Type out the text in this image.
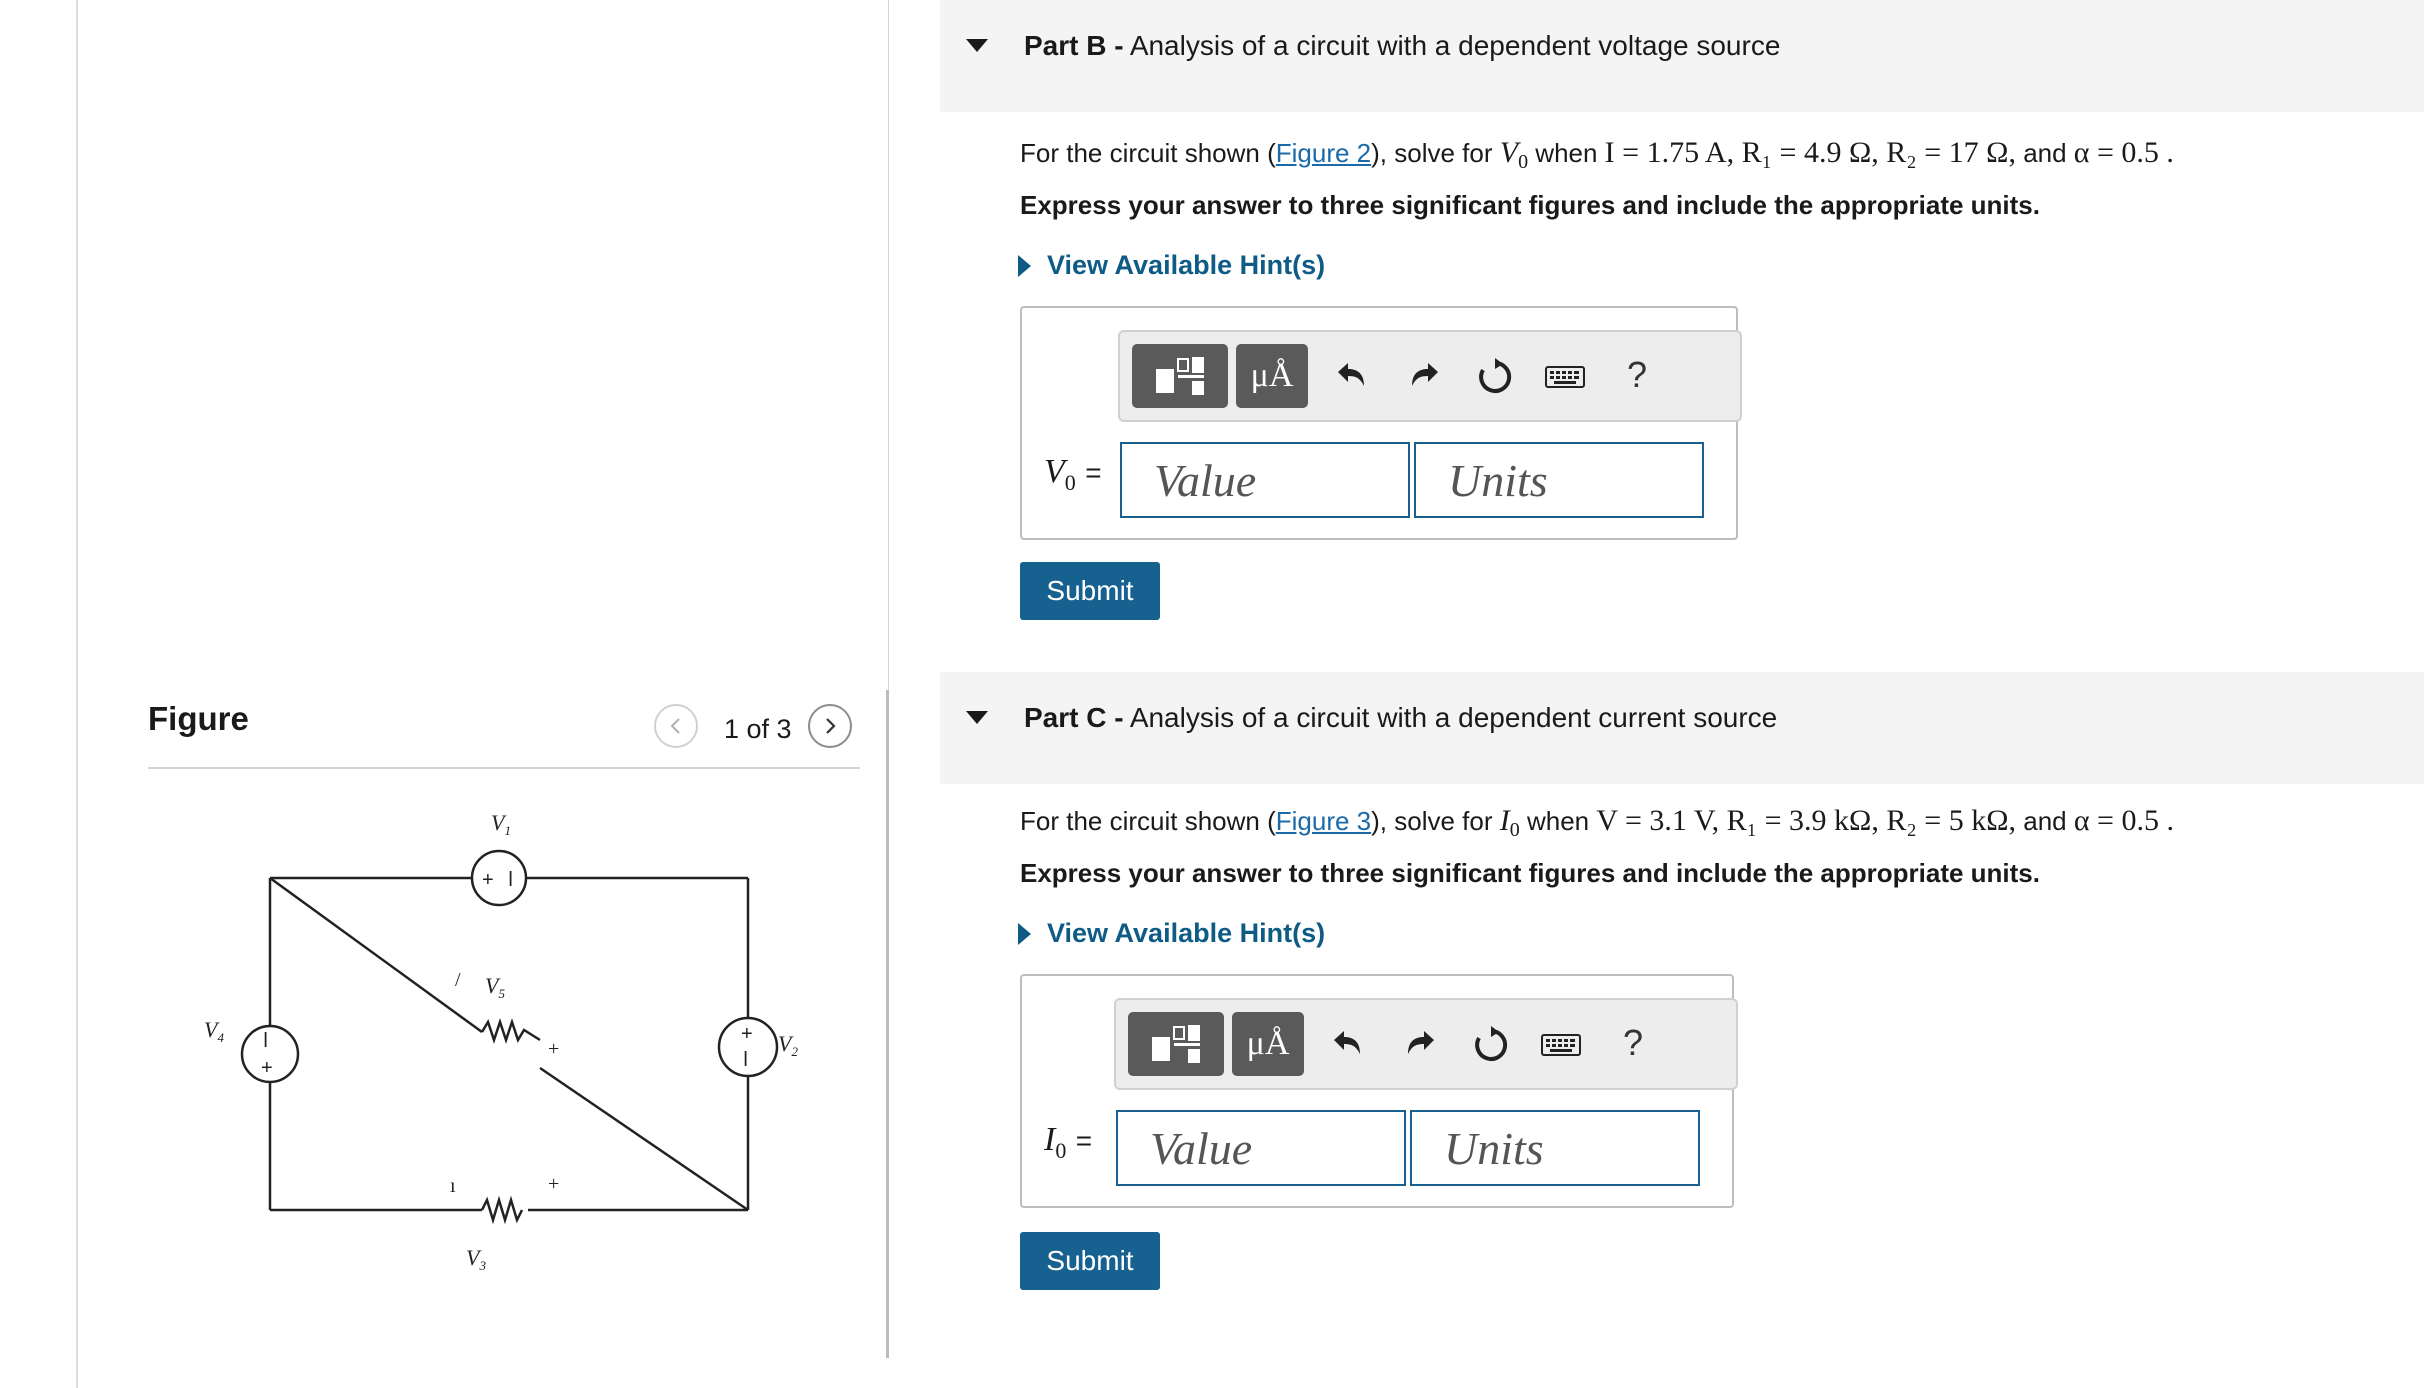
Figure	1 of 3
+ ǀ
ǀ
+
+
ǀ
/
+
ı	+
$V_1$
$V_5$
$V_4$	$V_2$
$V_3$
Part B - Analysis of a circuit with a dependent voltage source
For the circuit shown (Figure 2), solve for $V_0$ when I = 1.75 A, R₁ = 4.9 Ω, R₂ = 17 Ω, and α = 0.5 .
Express your answer to three significant figures and include the appropriate units.
View Available Hint(s)
μÅ	?
$V_0$ =	Value	Units
Submit
Part C - Analysis of a circuit with a dependent current source
For the circuit shown (Figure 3), solve for $I_0$ when V = 3.1 V, R₁ = 3.9 kΩ, R₂ = 5 kΩ, and α = 0.5 .
Express your answer to three significant figures and include the appropriate units.
View Available Hint(s)
μÅ	?
$I_0$ =	Value	Units
Submit
